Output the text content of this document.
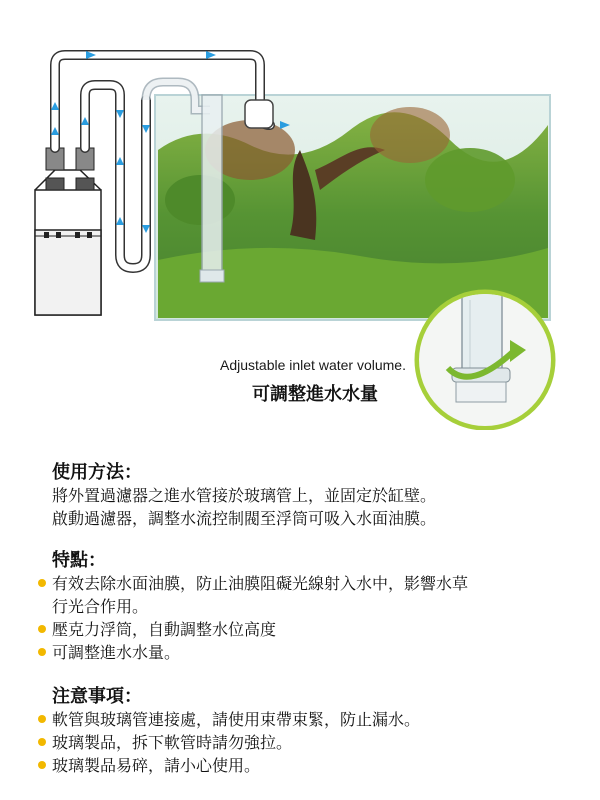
Adjustable inlet water volume.
可調整進水水量
使用方法：
將外置過濾器之進水管接於玻璃管上，並固定於缸壁。
啟動過濾器，調整水流控制閥至浮筒可吸入水面油膜。
特點：
有效去除水面油膜，防止油膜阻礙光線射入水中，影響水草
行光合作用。
壓克力浮筒，自動調整水位高度
可調整進水水量。
注意事項：
軟管與玻璃管連接處，請使用束帶束緊，防止漏水。
玻璃製品，拆下軟管時請勿強拉。
玻璃製品易碎，請小心使用。
